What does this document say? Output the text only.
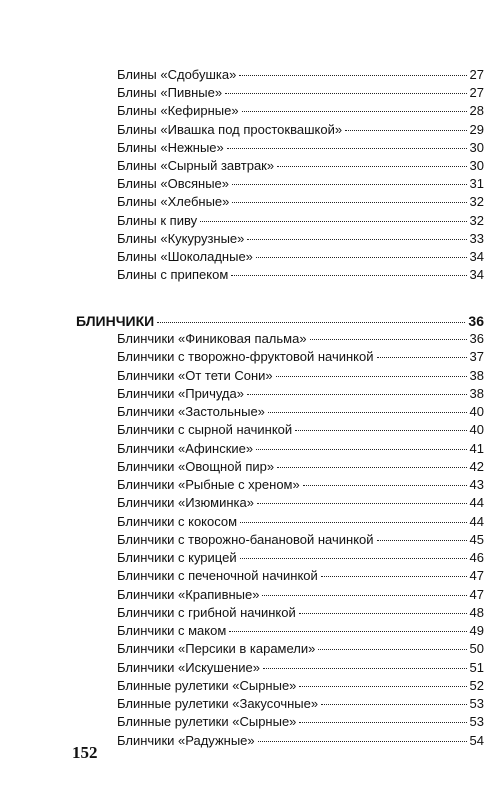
Блины «Сдобушка»	27
Блины «Пивные»	27
Блины «Кефирные»	28
Блины «Ивашка под простоквашкой»	29
Блины «Нежные»	30
Блины «Сырный завтрак»	30
Блины «Овсяные»	31
Блины «Хлебные»	32
Блины к пиву	32
Блины «Кукурузные»	33
Блины «Шоколадные»	34
Блины с припеком	34
БЛИНЧИКИ	36
Блинчики «Финиковая пальма»	36
Блинчики с творожно-фруктовой начинкой	37
Блинчики «От тети Сони»	38
Блинчики «Причуда»	38
Блинчики «Застольные»	40
Блинчики с сырной начинкой	40
Блинчики «Афинские»	41
Блинчики «Овощной пир»	42
Блинчики «Рыбные с хреном»	43
Блинчики «Изюминка»	44
Блинчики с кокосом	44
Блинчики с творожно-банановой начинкой	45
Блинчики с курицей	46
Блинчики с печеночной начинкой	47
Блинчики «Крапивные»	47
Блинчики с грибной начинкой	48
Блинчики с маком	49
Блинчики «Персики в карамели»	50
Блинчики «Искушение»	51
Блинные рулетики «Сырные»	52
Блинные рулетики «Закусочные»	53
Блинные рулетики «Сырные»	53
Блинчики «Радужные»	54
152
